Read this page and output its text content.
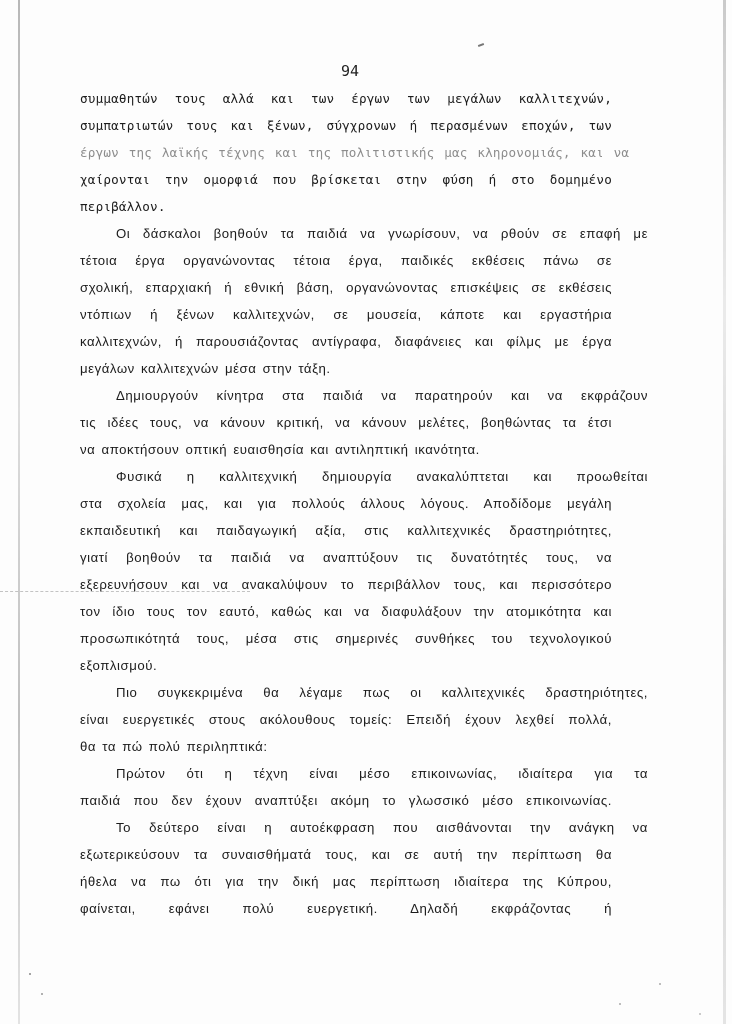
94
συμμαθητών τους αλλά και των έργων των μεγάλων καλλιτεχνών,
συμπατριωτών τους και ξένων, σύγχρονων ή περασμένων εποχών, των
έργων της λαϊκής τέχνης και της πολιτιστικής μας κληρονομιάς, και να
χαίρονται την ομορφιά που βρίσκεται στην φύση ή στο δομημένο
περιβάλλον.
Οι δάσκαλοι βοηθούν τα παιδιά να γνωρίσουν, να ρθούν σε επαφή με
τέτοια έργα οργανώνοντας τέτοια έργα, παιδικές εκθέσεις πάνω σε
σχολική, επαρχιακή ή εθνική βάση, οργανώνοντας επισκέψεις σε εκθέσεις
ντόπιων ή ξένων καλλιτεχνών, σε μουσεία, κάποτε και εργαστήρια
καλλιτεχνών, ή παρουσιάζοντας αντίγραφα, διαφάνειες και φίλμς με έργα
μεγάλων καλλιτεχνών μέσα στην τάξη.
Δημιουργούν κίνητρα στα παιδιά να παρατηρούν και να εκφράζουν
τις ιδέες τους, να κάνουν κριτική, να κάνουν μελέτες, βοηθώντας τα έτσι
να αποκτήσουν οπτική ευαισθησία και αντιληπτική ικανότητα.
Φυσικά η καλλιτεχνική δημιουργία ανακαλύπτεται και προωθείται
στα σχολεία μας, και για πολλούς άλλους λόγους. Αποδίδομε μεγάλη
εκπαιδευτική και παιδαγωγική αξία, στις καλλιτεχνικές δραστηριότητες,
γιατί βοηθούν τα παιδιά να αναπτύξουν τις δυνατότητές τους, να
εξερευνήσουν και να ανακαλύψουν το περιβάλλον τους, και περισσότερο
τον ίδιο τους τον εαυτό, καθώς και να διαφυλάξουν την ατομικότητα και
προσωπικότητά τους, μέσα στις σημερινές συνθήκες του τεχνολογικού
εξοπλισμού.
Πιο συγκεκριμένα θα λέγαμε πως οι καλλιτεχνικές δραστηριότητες,
είναι ευεργετικές στους ακόλουθους τομείς: Επειδή έχουν λεχθεί πολλά,
θα τα πώ πολύ περιληπτικά:
Πρώτον ότι η τέχνη είναι μέσο επικοινωνίας, ιδιαίτερα για τα
παιδιά που δεν έχουν αναπτύξει ακόμη το γλωσσικό μέσο επικοινωνίας.
Το δεύτερο είναι η αυτοέκφραση που αισθάνονται την ανάγκη να
εξωτερικεύσουν τα συναισθήματά τους, και σε αυτή την περίπτωση θα
ήθελα να πω ότι για την δική μας περίπτωση ιδιαίτερα της Κύπρου,
φαίνεται, εφάνει πολύ ευεργετική. Δηλαδή εκφράζοντας ή
